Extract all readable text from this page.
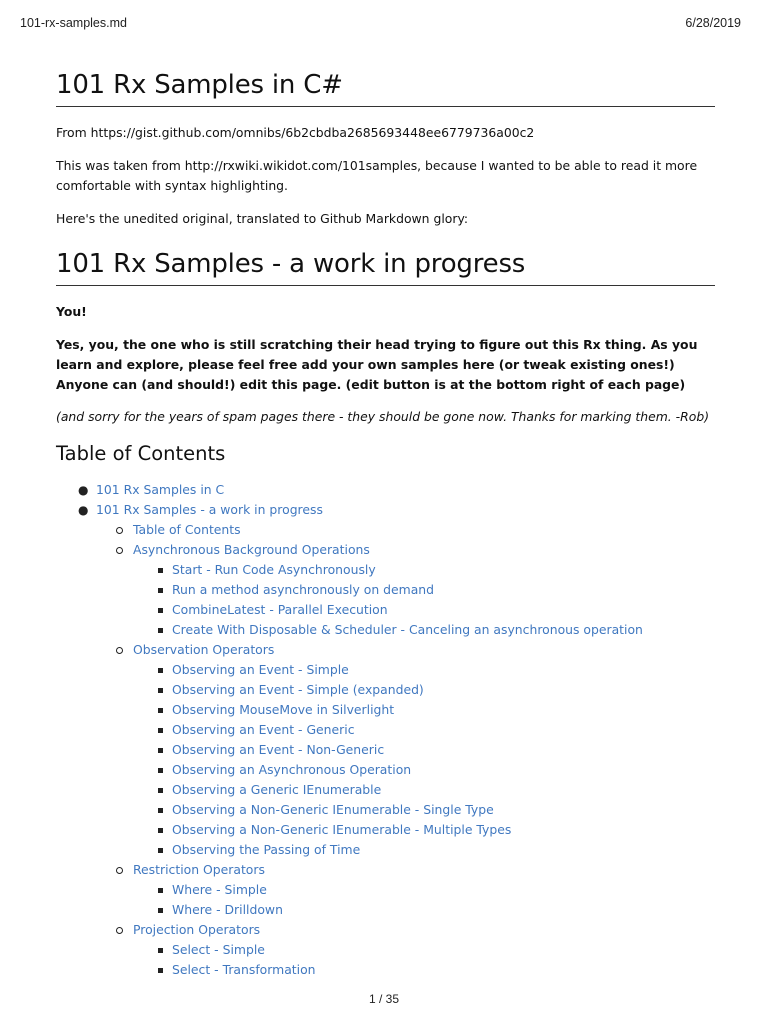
101-rx-samples.md	6/28/2019
101 Rx Samples in C#

From https://gist.github.com/omnibs/6b2cbdba2685693448ee6779736a00c2

This was taken from http://rxwiki.wikidot.com/101samples, because I wanted to be able to read it more comfortable with syntax highlighting.

Here's the unedited original, translated to Github Markdown glory:

101 Rx Samples - a work in progress

You!

Yes, you, the one who is still scratching their head trying to figure out this Rx thing. As you learn and explore, please feel free add your own samples here (or tweak existing ones!) Anyone can (and should!) edit this page. (edit button is at the bottom right of each page)

(and sorry for the years of spam pages there - they should be gone now. Thanks for marking them. -Rob)

Table of Contents
● 101 Rx Samples in C
● 101 Rx Samples - a work in progress
Table of Contents
Asynchronous Background Operations
Start - Run Code Asynchronously
Run a method asynchronously on demand
CombineLatest - Parallel Execution
Create With Disposable & Scheduler - Canceling an asynchronous operation
Observation Operators
Observing an Event - Simple
Observing an Event - Simple (expanded)
Observing MouseMove in Silverlight
Observing an Event - Generic
Observing an Event - Non-Generic
Observing an Asynchronous Operation
Observing a Generic IEnumerable
Observing a Non-Generic IEnumerable - Single Type
Observing a Non-Generic IEnumerable - Multiple Types
Observing the Passing of Time
Restriction Operators
Where - Simple
Where - Drilldown
Projection Operators
Select - Simple
Select - Transformation
1 / 35
